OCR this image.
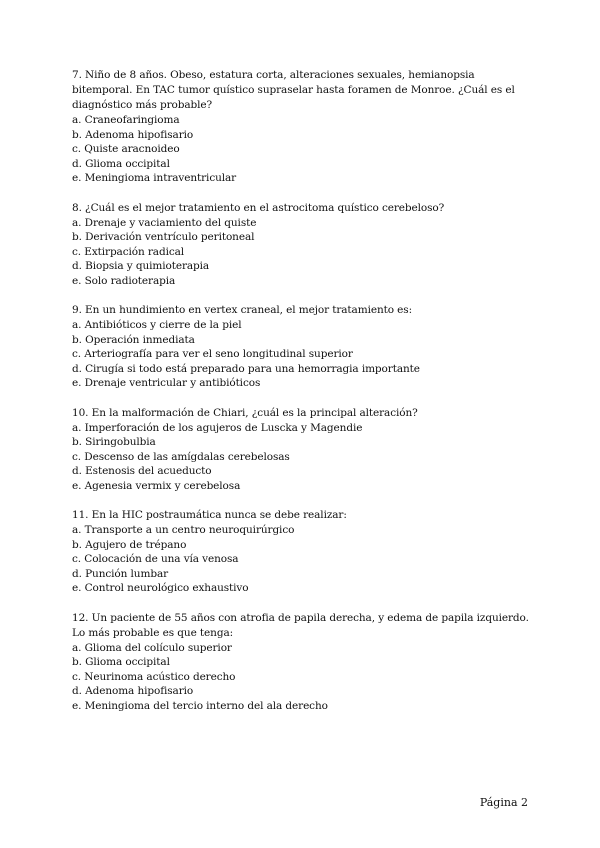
7. Niño de 8 años. Obeso, estatura corta, alteraciones sexuales, hemianopsia bitemporal. En TAC tumor quístico supraselar hasta foramen de Monroe. ¿Cuál es el diagnóstico más probable?

a. Craneofaringioma
b. Adenoma hipofisario
c. Quiste aracnoideo
d. Glioma occipital
e. Meningioma intraventricular

8. ¿Cuál es el mejor tratamiento en el astrocitoma quístico cerebeloso?

a. Drenaje y vaciamiento del quiste
b. Derivación ventrículo peritoneal
c. Extirpación radical
d. Biopsia y quimioterapia
e. Solo radioterapia

9. En un hundimiento en vertex craneal, el mejor tratamiento es:

a. Antibióticos y cierre de la piel
b. Operación inmediata
c. Arteriografía para ver el seno longitudinal superior
d. Cirugía si todo está preparado para una hemorragia importante
e. Drenaje ventricular y antibióticos

10. En la malformación de Chiari, ¿cuál es la principal alteración?

a. Imperforación de los agujeros de Luscka y Magendie
b. Siringobulbia
c. Descenso de las amígdalas cerebelosas
d. Estenosis del acueducto
e. Agenesia vermix y cerebelosa

11. En la HIC postraumática nunca se debe realizar:

a. Transporte a un centro neuroquirúrgico
b. Agujero de trépano
c. Colocación de una vía venosa
d. Punción lumbar
e. Control neurológico exhaustivo

12. Un paciente de 55 años con atrofia de papila derecha, y edema de papila izquierdo. Lo más probable es que tenga:

a. Glioma del colículo superior
b. Glioma occipital
c. Neurinoma acústico derecho
d. Adenoma hipofisario
e. Meningioma del tercio interno del ala derecho
Página 2
